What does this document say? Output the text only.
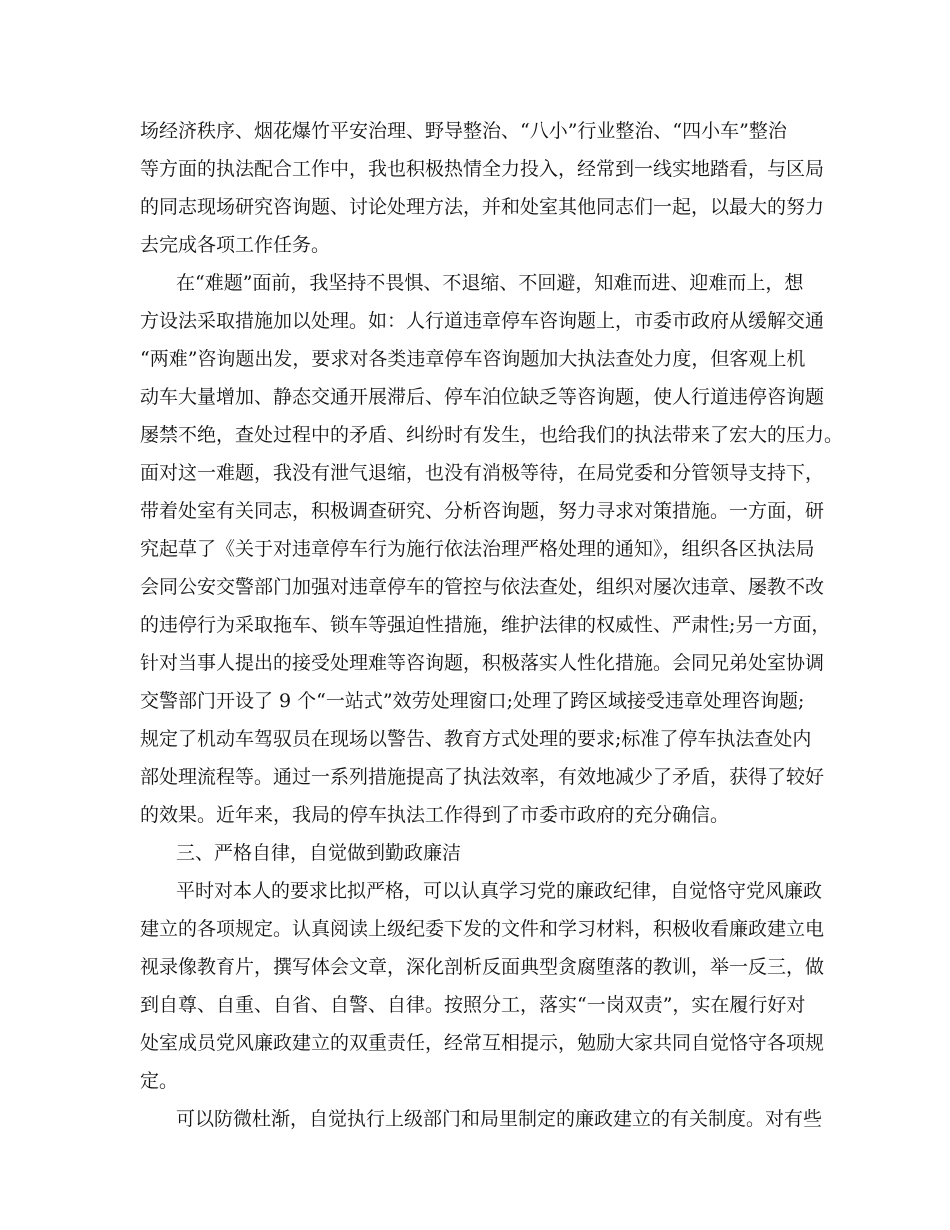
场经济秩序、烟花爆竹平安治理、野导整治、“八小”行业整治、“四小车”整治

等方面的执法配合工作中，我也积极热情全力投入，经常到一线实地踏看，与区局

的同志现场研究咨询题、讨论处理方法，并和处室其他同志们一起，以最大的努力

去完成各项工作任务。

在“难题”面前，我坚持不畏惧、不退缩、不回避，知难而进、迎难而上，想

方设法采取措施加以处理。如：人行道违章停车咨询题上，市委市政府从缓解交通

“两难”咨询题出发，要求对各类违章停车咨询题加大执法查处力度，但客观上机

动车大量增加、静态交通开展滞后、停车泊位缺乏等咨询题，使人行道违停咨询题

屡禁不绝，查处过程中的矛盾、纠纷时有发生，也给我们的执法带来了宏大的压力。

面对这一难题，我没有泄气退缩，也没有消极等待，在局党委和分管领导支持下，

带着处室有关同志，积极调查研究、分析咨询题，努力寻求对策措施。一方面，研

究起草了《关于对违章停车行为施行依法治理严格处理的通知》，组织各区执法局

会同公安交警部门加强对违章停车的管控与依法查处，组织对屡次违章、屡教不改

的违停行为采取拖车、锁车等强迫性措施，维护法律的权威性、严肃性;另一方面，

针对当事人提出的接受处理难等咨询题，积极落实人性化措施。会同兄弟处室协调

交警部门开设了 9 个“一站式”效劳处理窗口;处理了跨区域接受违章处理咨询题;

规定了机动车驾驭员在现场以警告、教育方式处理的要求;标准了停车执法查处内

部处理流程等。通过一系列措施提高了执法效率，有效地减少了矛盾，获得了较好

的效果。近年来，我局的停车执法工作得到了市委市政府的充分确信。

三、严格自律，自觉做到勤政廉洁

平时对本人的要求比拟严格，可以认真学习党的廉政纪律，自觉恪守党风廉政

建立的各项规定。认真阅读上级纪委下发的文件和学习材料，积极收看廉政建立电

视录像教育片，撰写体会文章，深化剖析反面典型贪腐堕落的教训，举一反三，做

到自尊、自重、自省、自警、自律。按照分工，落实“一岗双责”，实在履行好对

处室成员党风廉政建立的双重责任，经常互相提示，勉励大家共同自觉恪守各项规

定。

可以防微杜渐，自觉执行上级部门和局里制定的廉政建立的有关制度。对有些
